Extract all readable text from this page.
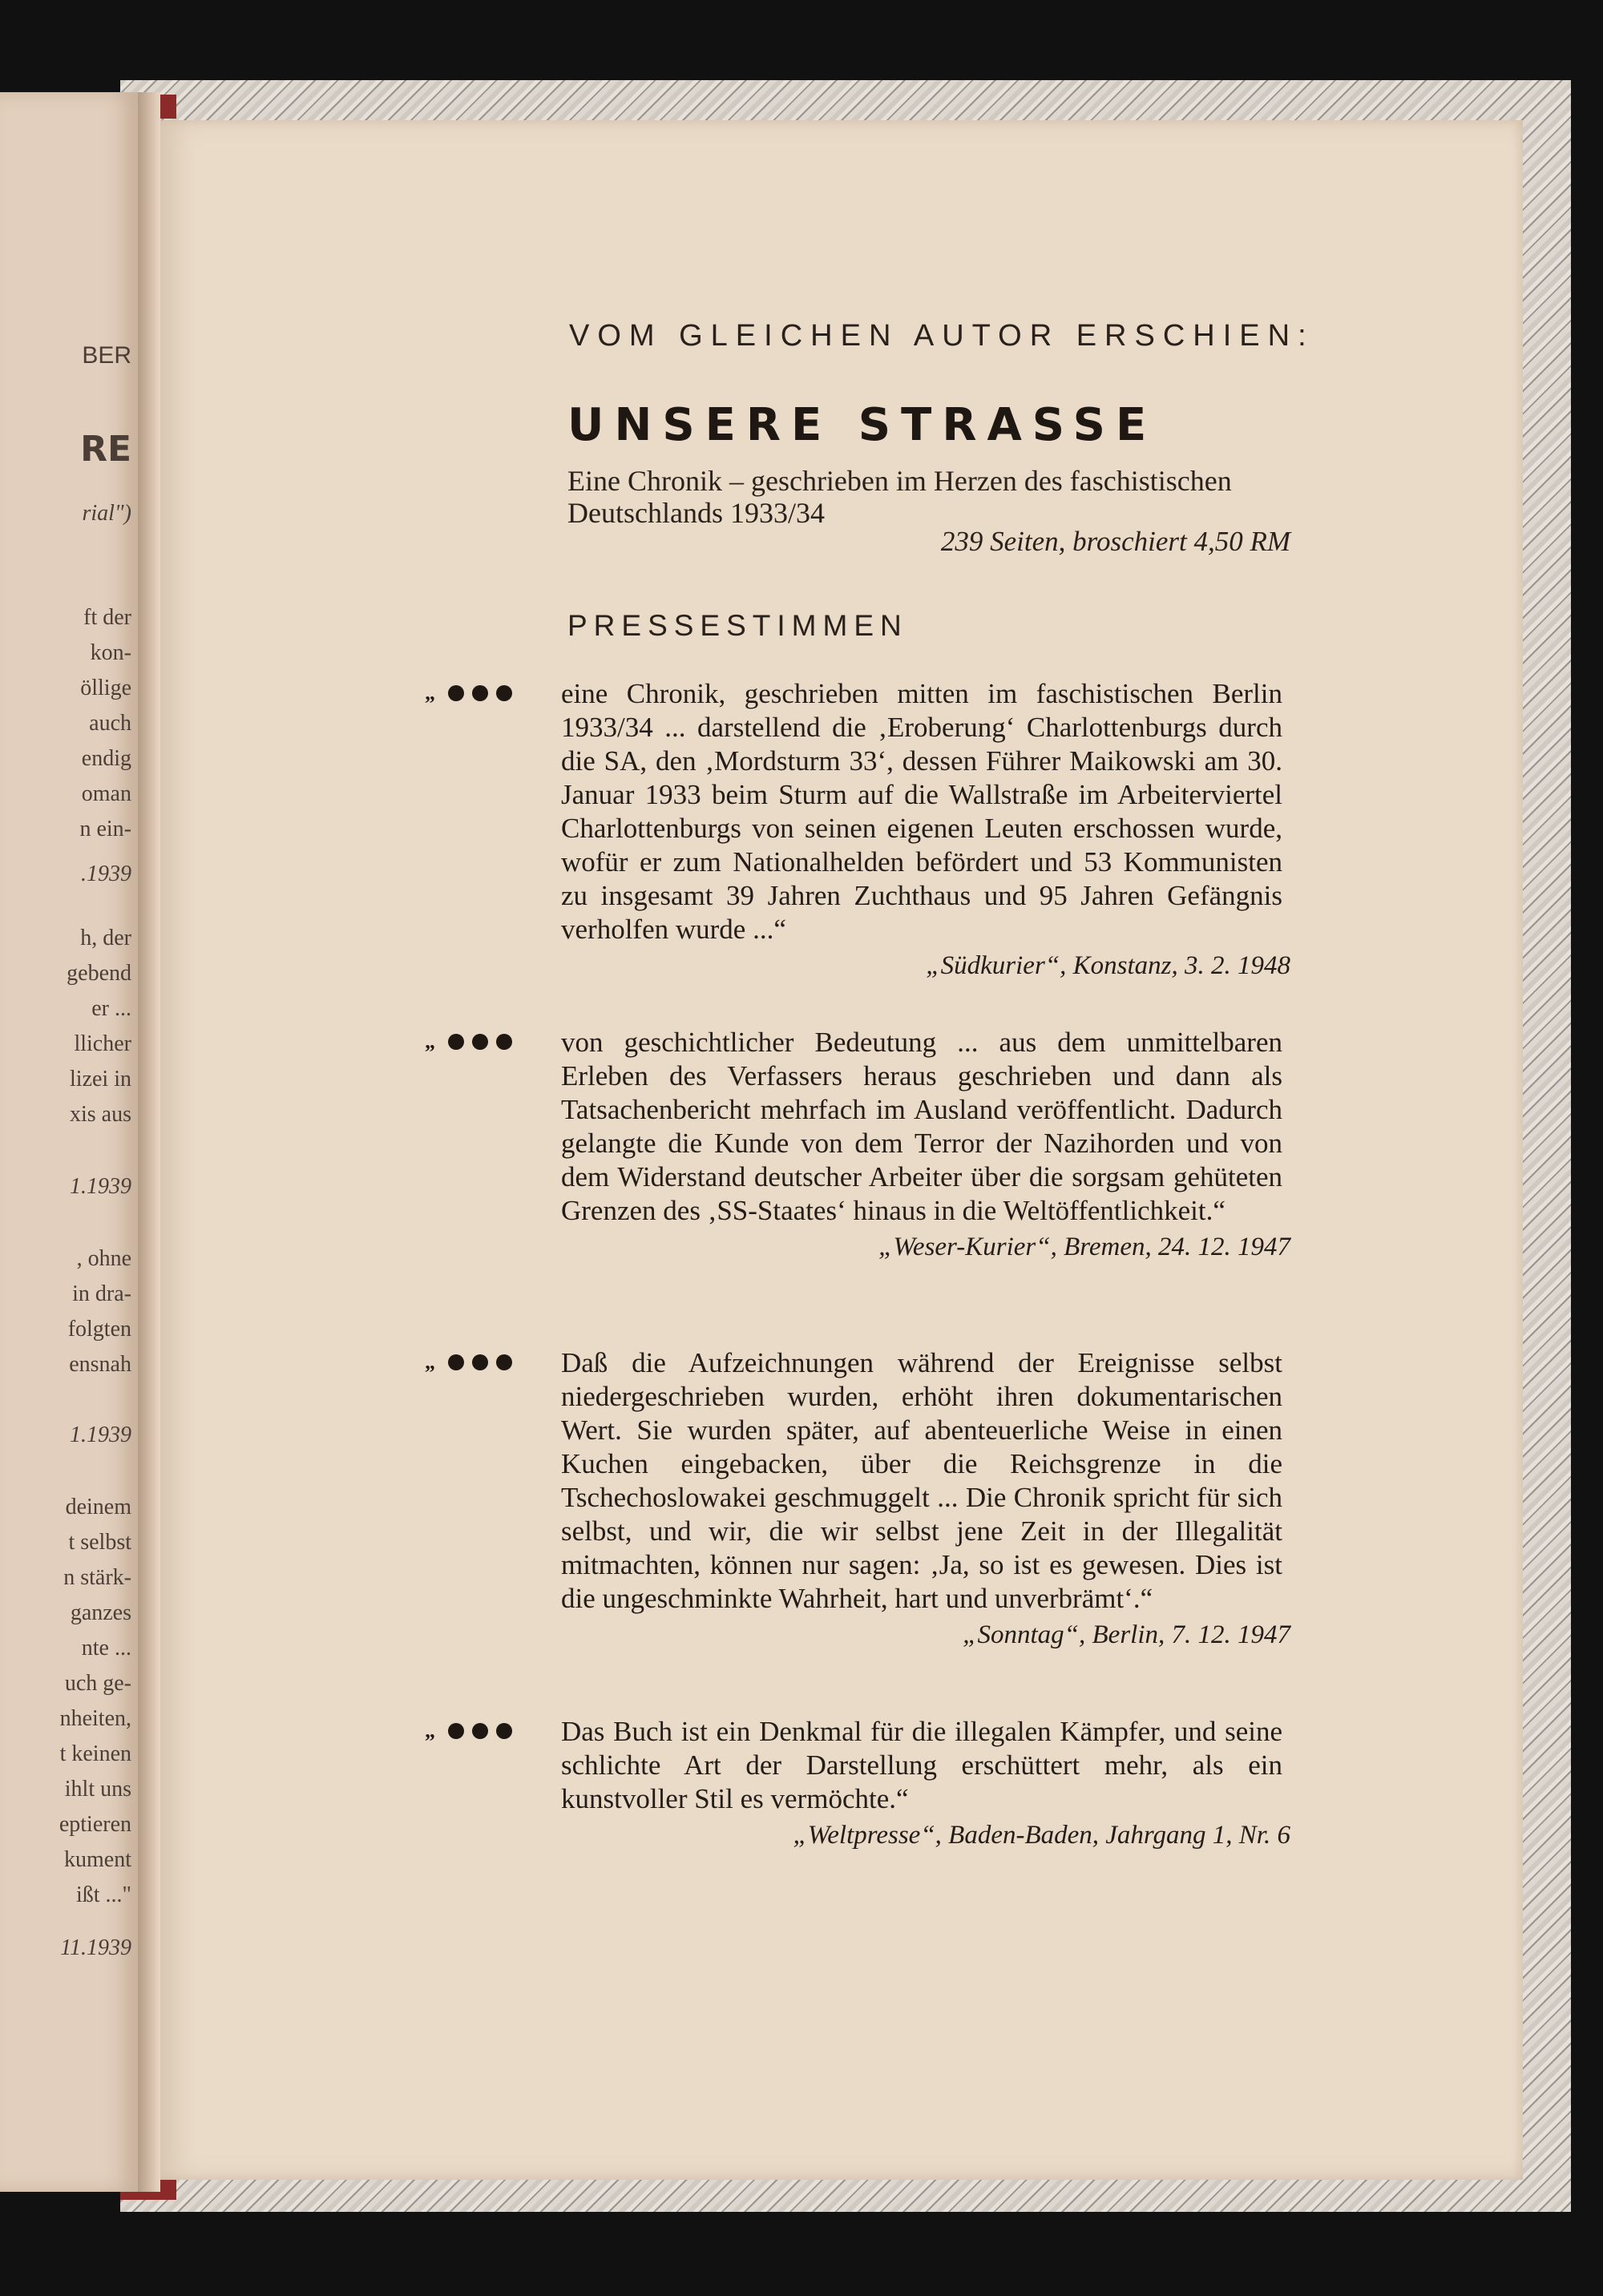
BER
RE
rial")
ft der
kon-
öllige
auch
endig
oman
n ein-
.1939
h, der
gebend
er ...
llicher
lizei in
xis aus
1.1939
, ohne
in dra-
folgten
ensnah
1.1939
deinem
t selbst
n stärk-
ganzes
nte ...
uch ge-
nheiten,
t keinen
ihlt uns
eptieren
kument
ißt ..."
11.1939
VOM GLEICHEN AUTOR ERSCHIEN:
UNSERE STRASSE
Eine Chronik – geschrieben im Herzen des faschistischen Deutschlands 1933/34
239 Seiten, broschiert 4,50 RM
PRESSESTIMMEN
„	eine Chronik, geschrieben mitten im faschistischen Berlin 1933/34 ... darstellend die ‚Eroberung‘ Charlottenburgs durch die SA, den ‚Mordsturm 33‘, dessen Führer Maikowski am 30. Januar 1933 beim Sturm auf die Wallstraße im Arbeiterviertel Charlottenburgs von seinen eigenen Leuten erschossen wurde, wofür er zum Nationalhelden befördert und 53 Kommunisten zu insgesamt 39 Jahren Zuchthaus und 95 Jahren Gefängnis verholfen wurde ...“
„Südkurier“, Konstanz, 3. 2. 1948
„	von geschichtlicher Bedeutung ... aus dem unmittelbaren Erleben des Verfassers heraus geschrieben und dann als Tatsachenbericht mehrfach im Ausland veröffentlicht. Dadurch gelangte die Kunde von dem Terror der Nazihorden und von dem Widerstand deutscher Arbeiter über die sorgsam gehüteten Grenzen des ‚SS-Staates‘ hinaus in die Weltöffentlichkeit.“
„Weser-Kurier“, Bremen, 24. 12. 1947
„	Daß die Aufzeichnungen während der Ereignisse selbst niedergeschrieben wurden, erhöht ihren dokumentarischen Wert. Sie wurden später, auf abenteuerliche Weise in einen Kuchen eingebacken, über die Reichsgrenze in die Tschechoslowakei geschmuggelt ... Die Chronik spricht für sich selbst, und wir, die wir selbst jene Zeit in der Illegalität mitmachten, können nur sagen: ‚Ja, so ist es gewesen. Dies ist die ungeschminkte Wahrheit, hart und unverbrämt‘.“
„Sonntag“, Berlin, 7. 12. 1947
„	Das Buch ist ein Denkmal für die illegalen Kämpfer, und seine schlichte Art der Darstellung erschüttert mehr, als ein kunstvoller Stil es vermöchte.“
„Weltpresse“, Baden-Baden, Jahrgang 1, Nr. 6
